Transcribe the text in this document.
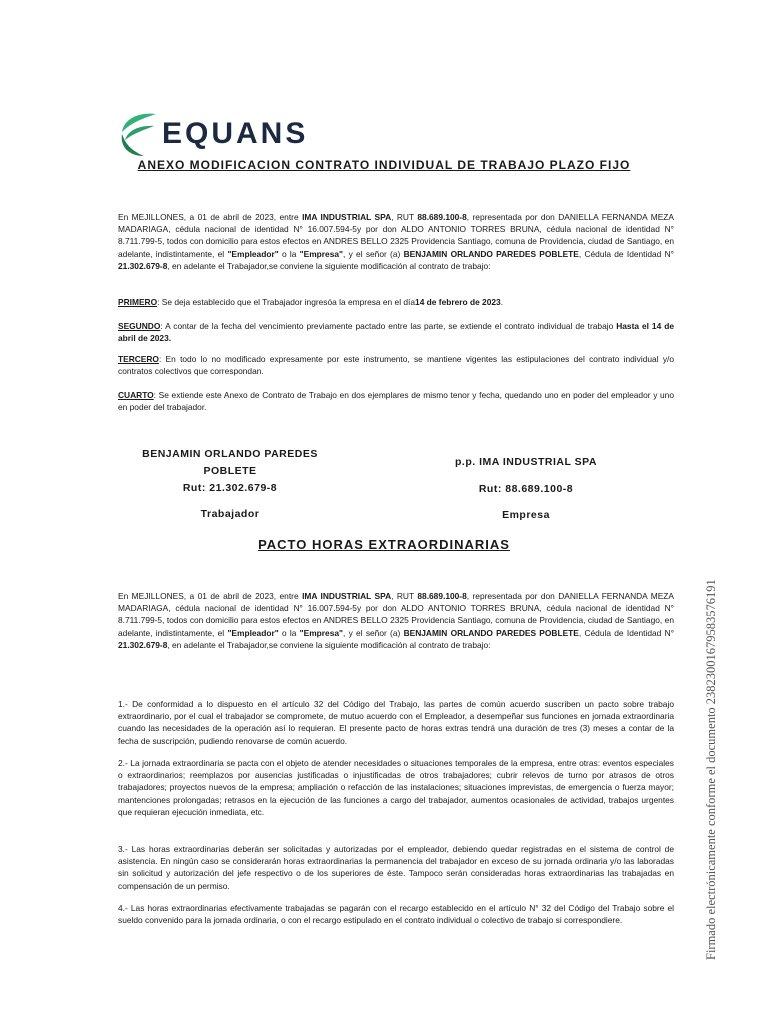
EQUANS
ANEXO MODIFICACION CONTRATO INDIVIDUAL DE TRABAJO PLAZO FIJO
En MEJILLONES, a 01 de abril de 2023, entre IMA INDUSTRIAL SPA, RUT 88.689.100-8, representada por don DANIELLA FERNANDA MEZA MADARIAGA, cédula nacional de identidad N° 16.007.594-5y por don ALDO ANTONIO TORRES BRUNA, cédula nacional de identidad N° 8.711.799-5, todos con domicilio para estos efectos en ANDRES BELLO 2325 Providencia Santiago, comuna de Providencia, ciudad de Santiago, en adelante, indistintamente, el "Empleador" o la "Empresa", y el señor (a) BENJAMIN ORLANDO PAREDES POBLETE, Cédula de Identidad N° 21.302.679-8, en adelante el Trabajador,se conviene la siguiente modificación al contrato de trabajo:
PRIMERO: Se deja establecido que el Trabajador ingresóa la empresa en el día14 de febrero de 2023.
SEGUNDO: A contar de la fecha del vencimiento previamente pactado entre las parte, se extiende el contrato individual de trabajo Hasta el 14 de abril de 2023.
TERCERO: En todo lo no modificado expresamente por este instrumento, se mantiene vigentes las estipulaciones del contrato individual y/o contratos colectivos que correspondan.
CUARTO: Se extiende este Anexo de Contrato de Trabajo en dos ejemplares de mismo tenor y fecha, quedando uno en poder del empleador y uno en poder del trabajador.
BENJAMIN ORLANDO PAREDES POBLETE
Rut: 21.302.679-8
Trabajador
p.p. IMA INDUSTRIAL SPA
Rut: 88.689.100-8
Empresa
PACTO HORAS EXTRAORDINARIAS
En MEJILLONES, a 01 de abril de 2023, entre IMA INDUSTRIAL SPA, RUT 88.689.100-8, representada por don DANIELLA FERNANDA MEZA MADARIAGA, cédula nacional de identidad N° 16.007.594-5y por don ALDO ANTONIO TORRES BRUNA, cédula nacional de identidad N° 8.711.799-5, todos con domicilio para estos efectos en ANDRES BELLO 2325 Providencia Santiago, comuna de Providencia, ciudad de Santiago, en adelante, indistintamente, el "Empleador" o la "Empresa", y el señor (a) BENJAMIN ORLANDO PAREDES POBLETE, Cédula de Identidad N° 21.302.679-8, en adelante el Trabajador,se conviene la siguiente modificación al contrato de trabajo:
1.- De conformidad a lo dispuesto en el artículo 32 del Código del Trabajo, las partes de común acuerdo suscriben un pacto sobre trabajo extraordinario, por el cual el trabajador se compromete, de mutuo acuerdo con el Empleador, a desempeñar sus funciones en jornada extraordinaria cuando las necesidades de la operación así lo requieran. El presente pacto de horas extras tendrá una duración de tres (3) meses a contar de la fecha de suscripción, pudiendo renovarse de común acuerdo.
2.- La jornada extraordinaria se pacta con el objeto de atender necesidades o situaciones temporales de la empresa, entre otras: eventos especiales o extraordinarios; reemplazos por ausencias justificadas o injustificadas de otros trabajadores; cubrir relevos de turno por atrasos de otros trabajadores; proyectos nuevos de la empresa; ampliación o refacción de las instalaciones; situaciones imprevistas, de emergencia o fuerza mayor; mantenciones prolongadas; retrasos en la ejecución de las funciones a cargo del trabajador, aumentos ocasionales de actividad, trabajos urgentes que requieran ejecución inmediata, etc.
3.- Las horas extraordinarias deberán ser solicitadas y autorizadas por el empleador, debiendo quedar registradas en el sistema de control de asistencia. En ningún caso se considerarán horas extraordinarias la permanencia del trabajador en exceso de su jornada ordinaria y/o las laboradas sin solicitud y autorización del jefe respectivo o de los superiores de éste. Tampoco serán consideradas horas extraordinarias las trabajadas en compensación de un permiso.
4.- Las horas extraordinarias efectivamente trabajadas se pagarán con el recargo establecido en el artículo N° 32 del Código del Trabajo sobre el sueldo convenido para la jornada ordinaria, o con el recargo estipulado en el contrato individual o colectivo de trabajo si correspondiere.	Firmado electrónicamente conforme el documento 23823001679583576191
